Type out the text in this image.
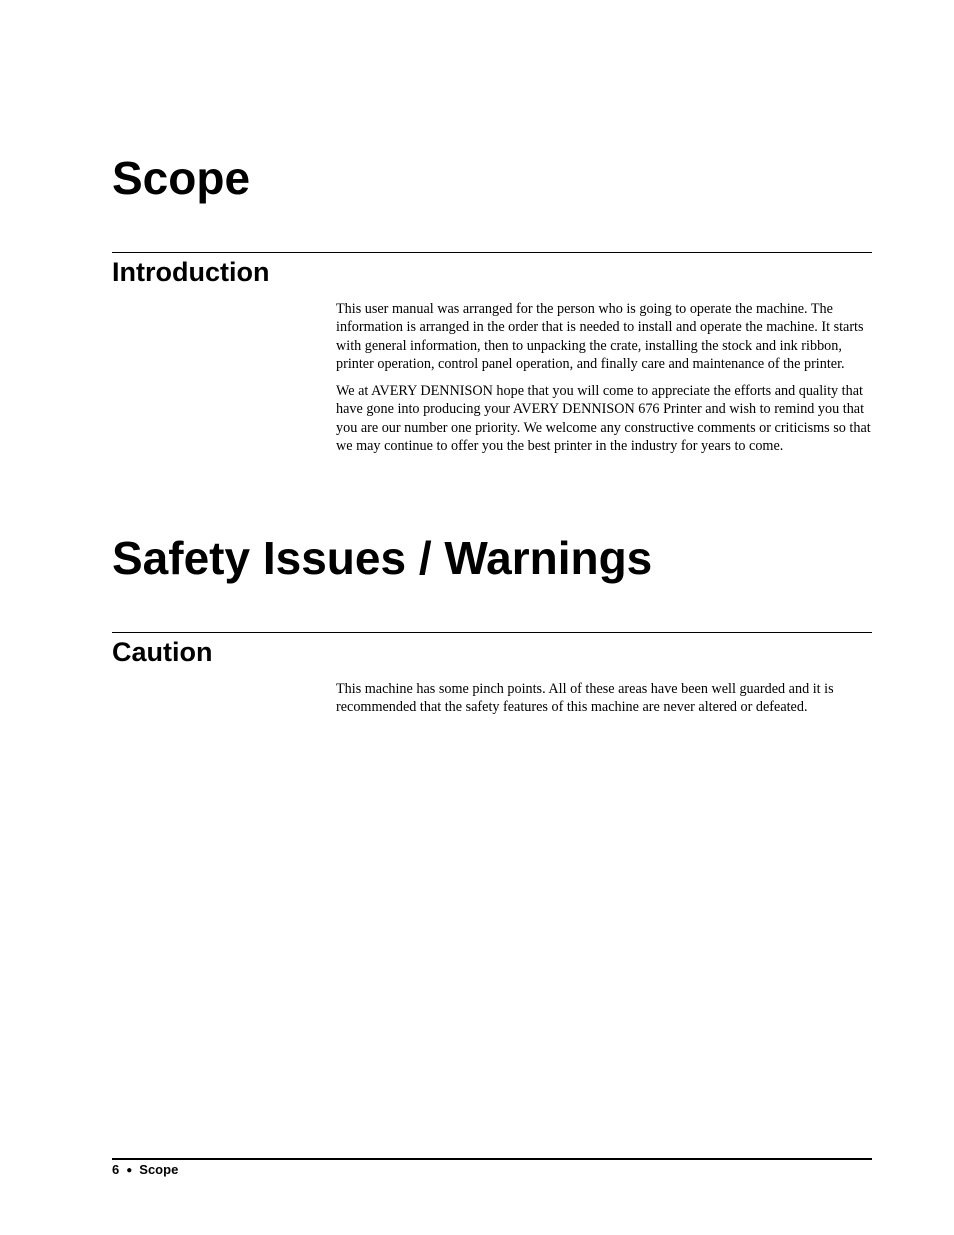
Scope
Introduction

This user manual was arranged for the person who is going to operate the machine. The information is arranged in the order that is needed to install and operate the machine. It starts with general information, then to unpacking the crate, installing the stock and ink ribbon, printer operation, control panel operation, and finally care and maintenance of the printer.

We at AVERY DENNISON hope that you will come to appreciate the efforts and quality that have gone into producing your AVERY DENNISON 676 Printer and wish to remind you that you are our number one priority. We welcome any constructive comments or criticisms so that we may continue to offer you the best printer in the industry for years to come.

Safety Issues / Warnings
Caution

This machine has some pinch points. All of these areas have been well guarded and it is recommended that the safety features of this machine are never altered or defeated.

6 ● Scope
